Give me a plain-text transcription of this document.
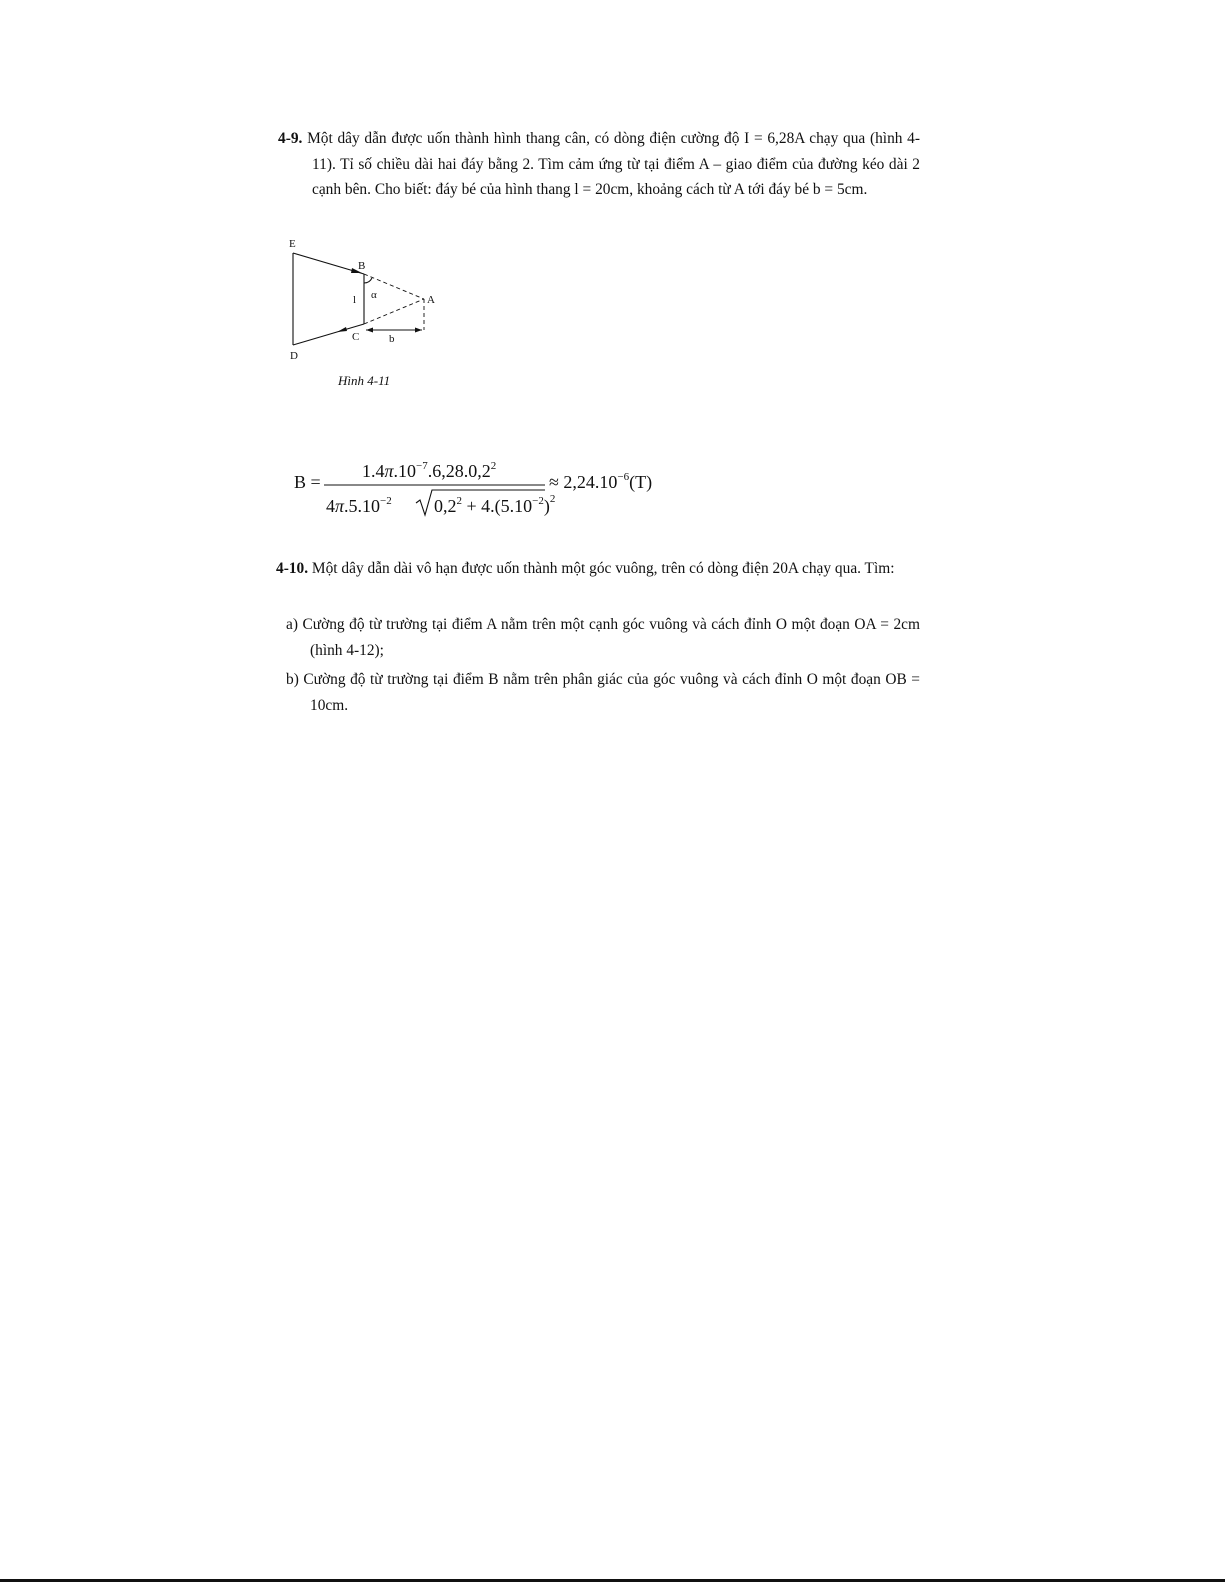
4-9. Một dây dẫn được uốn thành hình thang cân, có dòng điện cường độ I = 6,28A chạy qua (hình 4-11). Tỉ số chiều dài hai đáy bằng 2. Tìm cảm ứng từ tại điểm A – giao điểm của đường kéo dài 2 cạnh bên. Cho biết: đáy bé của hình thang l = 20cm, khoảng cách từ A tới đáy bé b = 5cm.
E
B
A
C
D
l α
b
Hình 4-11
B =
$1.4\pi.10^{-7}.6,28.0,2^2$
$4\pi.5.10^{-2}$ $0,2^2 + 4.(5.10^{-2})^2$
≈ $2,24.10^{-6}(T)$
4-10. Một dây dẫn dài vô hạn được uốn thành một góc vuông, trên có dòng điện 20A chạy qua. Tìm:
a) Cường độ từ trường tại điểm A nằm trên một cạnh góc vuông và cách đỉnh O một đoạn OA = 2cm (hình 4-12);
b) Cường độ từ trường tại điểm B nằm trên phân giác của góc vuông và cách đỉnh O một đoạn OB = 10cm.
